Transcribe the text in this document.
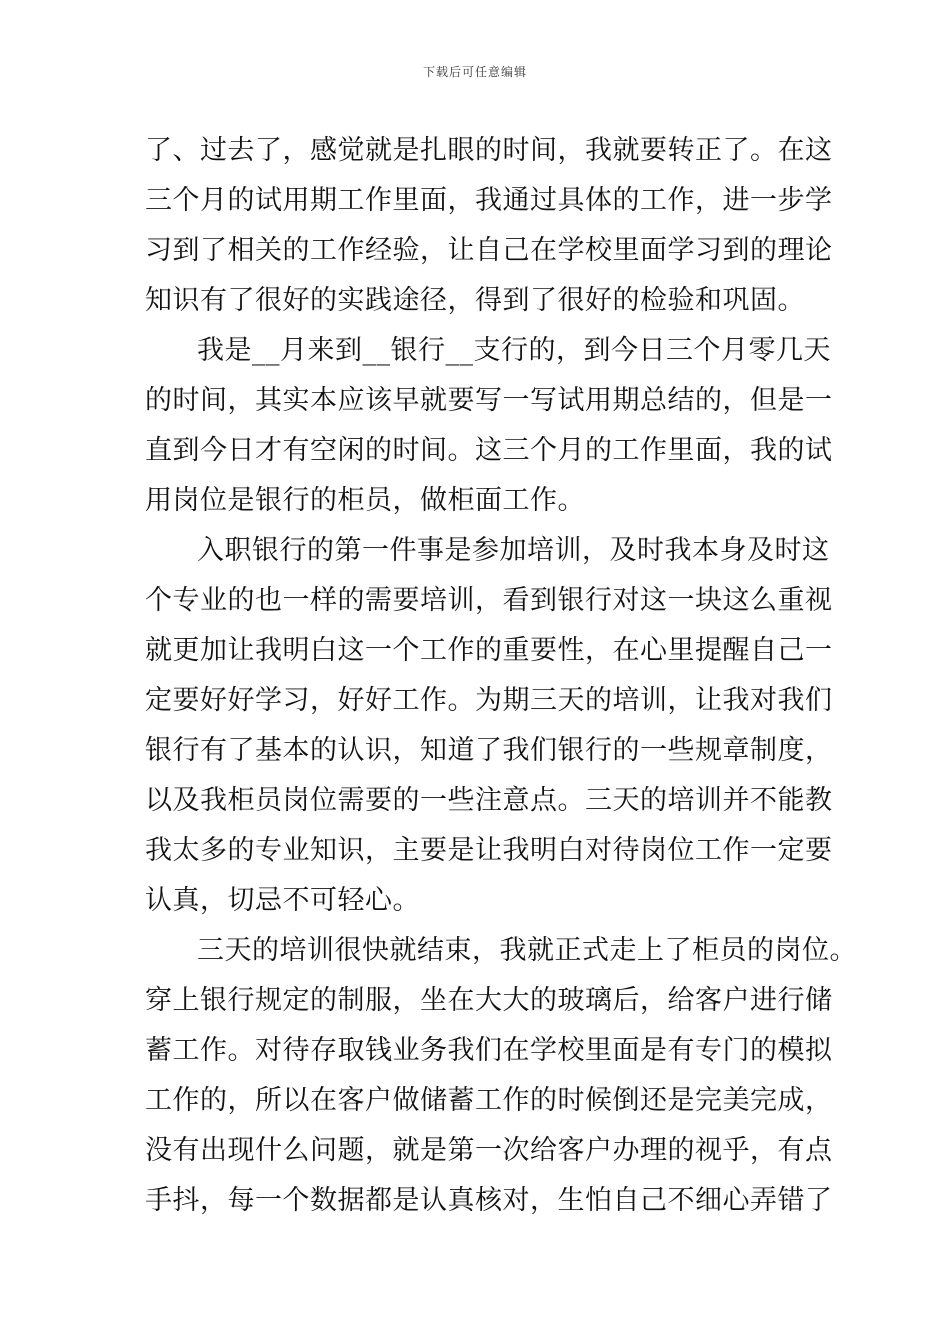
下载后可任意编辑
了、过去了，感觉就是扎眼的时间，我就要转正了。在这
三个月的试用期工作里面，我通过具体的工作，进一步学
习到了相关的工作经验，让自己在学校里面学习到的理论
知识有了很好的实践途径，得到了很好的检验和巩固。
我是__月来到__银行__支行的，到今日三个月零几天
的时间，其实本应该早就要写一写试用期总结的，但是一
直到今日才有空闲的时间。这三个月的工作里面，我的试
用岗位是银行的柜员，做柜面工作。
入职银行的第一件事是参加培训，及时我本身及时这
个专业的也一样的需要培训，看到银行对这一块这么重视
就更加让我明白这一个工作的重要性，在心里提醒自己一
定要好好学习，好好工作。为期三天的培训，让我对我们
银行有了基本的认识，知道了我们银行的一些规章制度，
以及我柜员岗位需要的一些注意点。三天的培训并不能教
我太多的专业知识，主要是让我明白对待岗位工作一定要
认真，切忌不可轻心。
三天的培训很快就结束，我就正式走上了柜员的岗位。
穿上银行规定的制服，坐在大大的玻璃后，给客户进行储
蓄工作。对待存取钱业务我们在学校里面是有专门的模拟
工作的，所以在客户做储蓄工作的时候倒还是完美完成，
没有出现什么问题，就是第一次给客户办理的视乎，有点
手抖，每一个数据都是认真核对，生怕自己不细心弄错了
